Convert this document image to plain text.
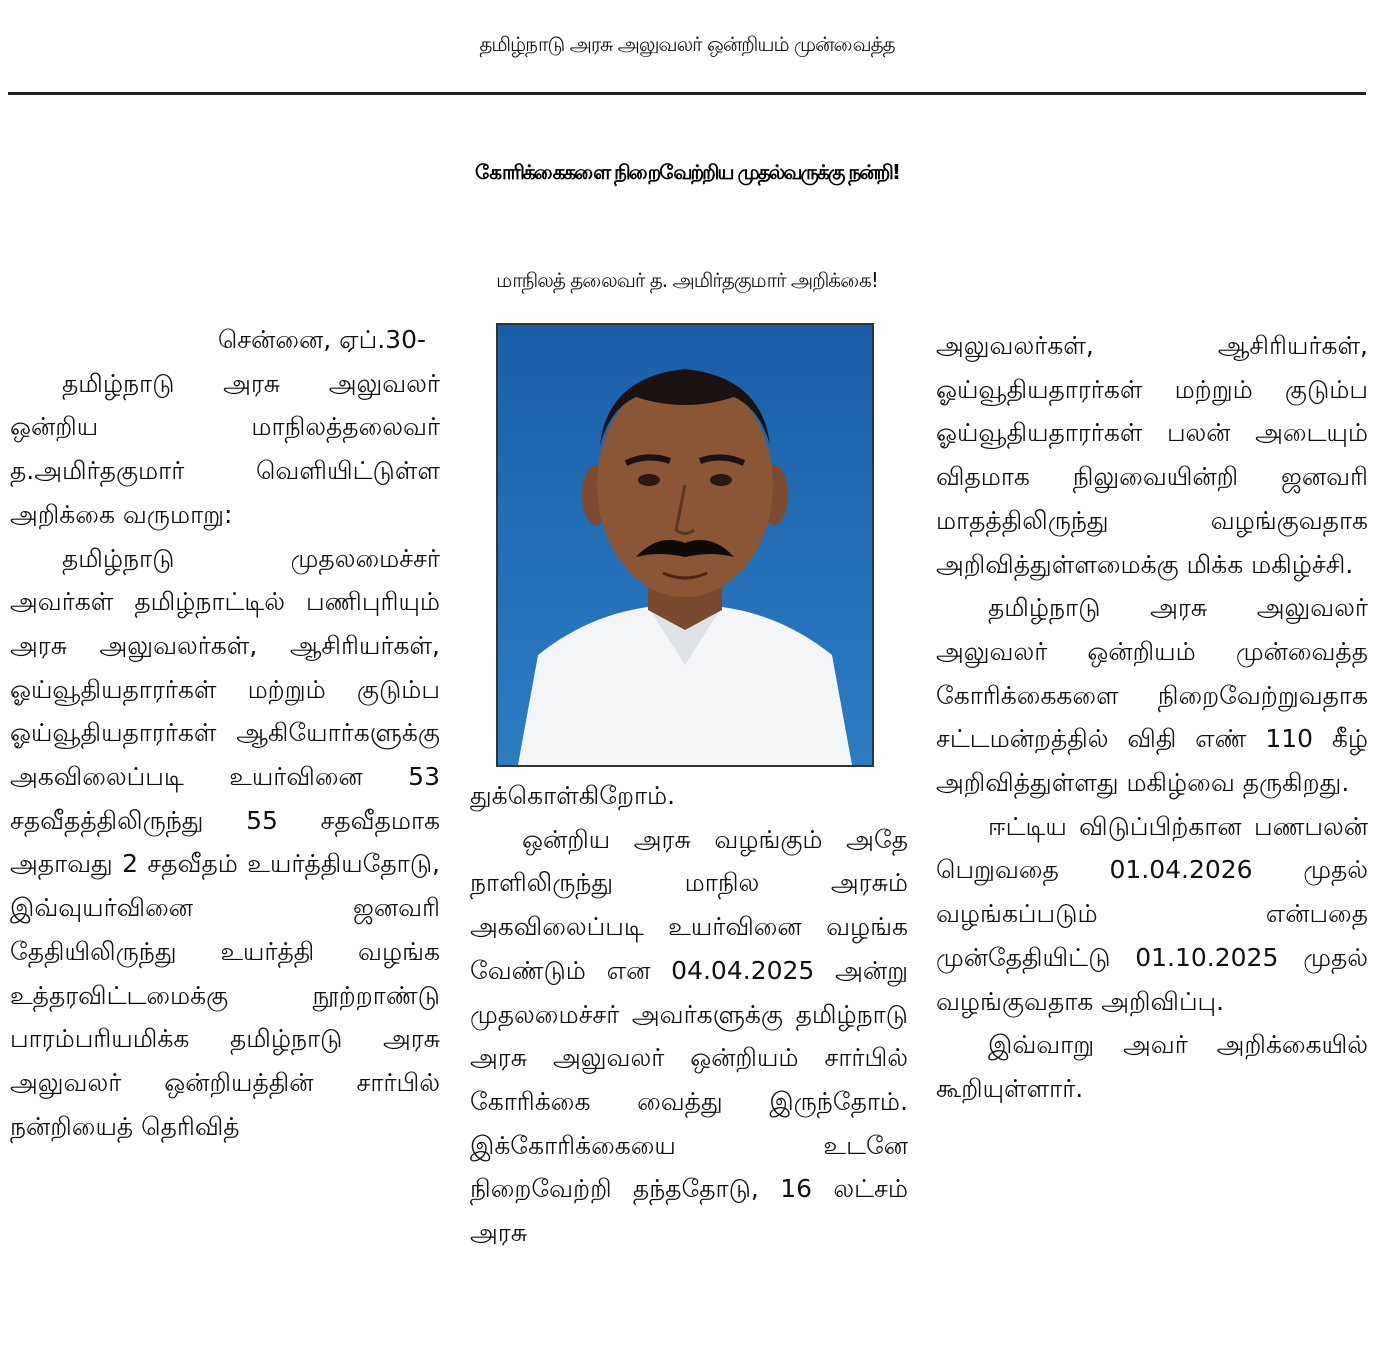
தமிழ்நாடு அரசு அலுவலர் ஒன்றியம் முன்வைத்த
கோரிக்கைகளை நிறைவேற்றிய முதல்வருக்கு நன்றி!
மாநிலத் தலைவர் த. அமிர்தகுமார் அறிக்கை!

சென்னை, ஏப்.30-

தமிழ்நாடு அரசு அலுவலர் ஒன்றிய மாநிலத்தலைவர் த.அமிர்தகுமார் வெளியிட்டுள்ள அறிக்கை வருமாறு:

தமிழ்நாடு முதலமைச்சர் அவர்கள் தமிழ்நாட்டில் பணிபுரியும் அரசு அலுவலர்கள், ஆசிரியர்கள், ஓய்வூதியதாரர்கள் மற்றும் குடும்ப ஓய்வூதியதாரர்கள் ஆகியோர்களுக்கு அகவிலைப்படி உயர்வினை 53 சதவீதத்திலிருந்து 55 சதவீதமாக அதாவது 2 சதவீதம் உயர்த்தியதோடு, இவ்வுயர்வினை ஜனவரி தேதியிலிருந்து உயர்த்தி வழங்க உத்தரவிட்டமைக்கு நூற்றாண்டு பாரம்பரியமிக்க தமிழ்நாடு அரசு அலுவலர் ஒன்றியத்தின் சார்பில் நன்றியைத் தெரிவித்

துக்கொள்கிறோம்.

ஒன்றிய அரசு வழங்கும் அதே நாளிலிருந்து மாநில அரசும் அகவிலைப்படி உயர்வினை வழங்க வேண்டும் என 04.04.2025 அன்று முதலமைச்சர் அவர்களுக்கு தமிழ்நாடு அரசு அலுவலர் ஒன்றியம் சார்பில் கோரிக்கை வைத்து இருந்தோம். இக்கோரிக்கையை உடனே நிறைவேற்றி தந்ததோடு, 16 லட்சம் அரசு

அலுவலர்கள், ஆசிரியர்கள், ஓய்வூதியதாரர்கள் மற்றும் குடும்ப ஓய்வூதியதாரர்கள் பலன் அடையும் விதமாக நிலுவையின்றி ஜனவரி மாதத்திலிருந்து வழங்குவதாக அறிவித்துள்ளமைக்கு மிக்க மகிழ்ச்சி.

தமிழ்நாடு அரசு அலுவலர் அலுவலர் ஒன்றியம் முன்வைத்த கோரிக்கைகளை நிறைவேற்றுவதாக சட்டமன்றத்தில் விதி எண் 110 கீழ் அறிவித்துள்ளது மகிழ்வை தருகிறது.

ஈட்டிய விடுப்பிற்கான பணபலன் பெறுவதை 01.04.2026 முதல் வழங்கப்படும் என்பதை முன்தேதியிட்டு 01.10.2025 முதல் வழங்குவதாக அறிவிப்பு.

இவ்வாறு அவர் அறிக்கையில் கூறியுள்ளார்.
